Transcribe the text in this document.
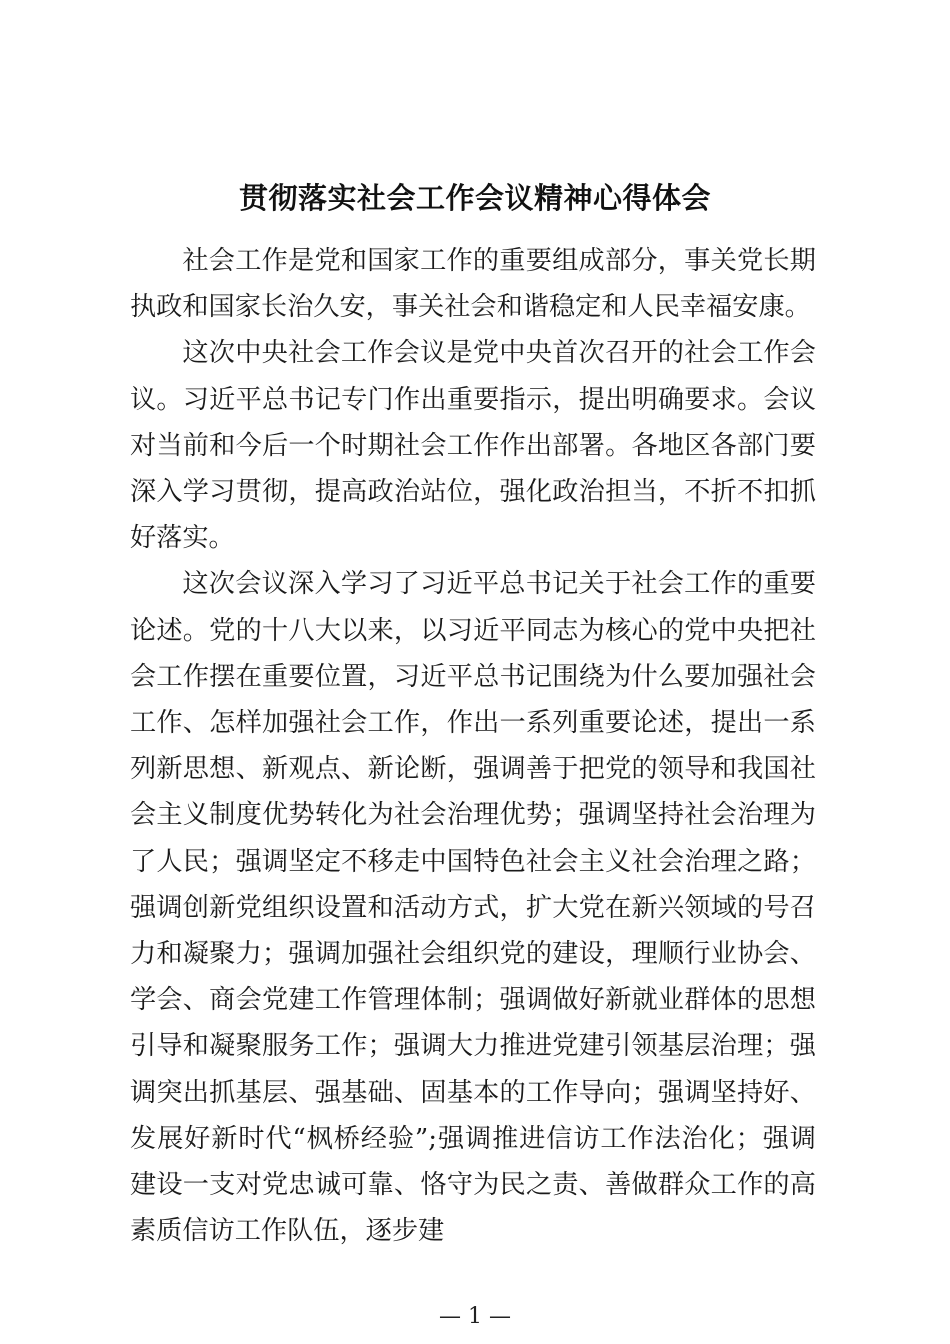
贯彻落实社会工作会议精神心得体会

社会工作是党和国家工作的重要组成部分，事关党长期执政和国家长治久安，事关社会和谐稳定和人民幸福安康。

这次中央社会工作会议是党中央首次召开的社会工作会议。习近平总书记专门作出重要指示，提出明确要求。会议对当前和今后一个时期社会工作作出部署。各地区各部门要深入学习贯彻，提高政治站位，强化政治担当，不折不扣抓好落实。

这次会议深入学习了习近平总书记关于社会工作的重要论述。党的十八大以来，以习近平同志为核心的党中央把社会工作摆在重要位置，习近平总书记围绕为什么要加强社会工作、怎样加强社会工作，作出一系列重要论述，提出一系列新思想、新观点、新论断，强调善于把党的领导和我国社会主义制度优势转化为社会治理优势；强调坚持社会治理为了人民；强调坚定不移走中国特色社会主义社会治理之路；强调创新党组织设置和活动方式，扩大党在新兴领域的号召力和凝聚力；强调加强社会组织党的建设，理顺行业协会、学会、商会党建工作管理体制；强调做好新就业群体的思想引导和凝聚服务工作；强调大力推进党建引领基层治理；强调突出抓基层、强基础、固基本的工作导向；强调坚持好、发展好新时代“枫桥经验”;强调推进信访工作法治化；强调建设一支对党忠诚可靠、恪守为民之责、善做群众工作的高素质信访工作队伍，逐步建

— 1 —
